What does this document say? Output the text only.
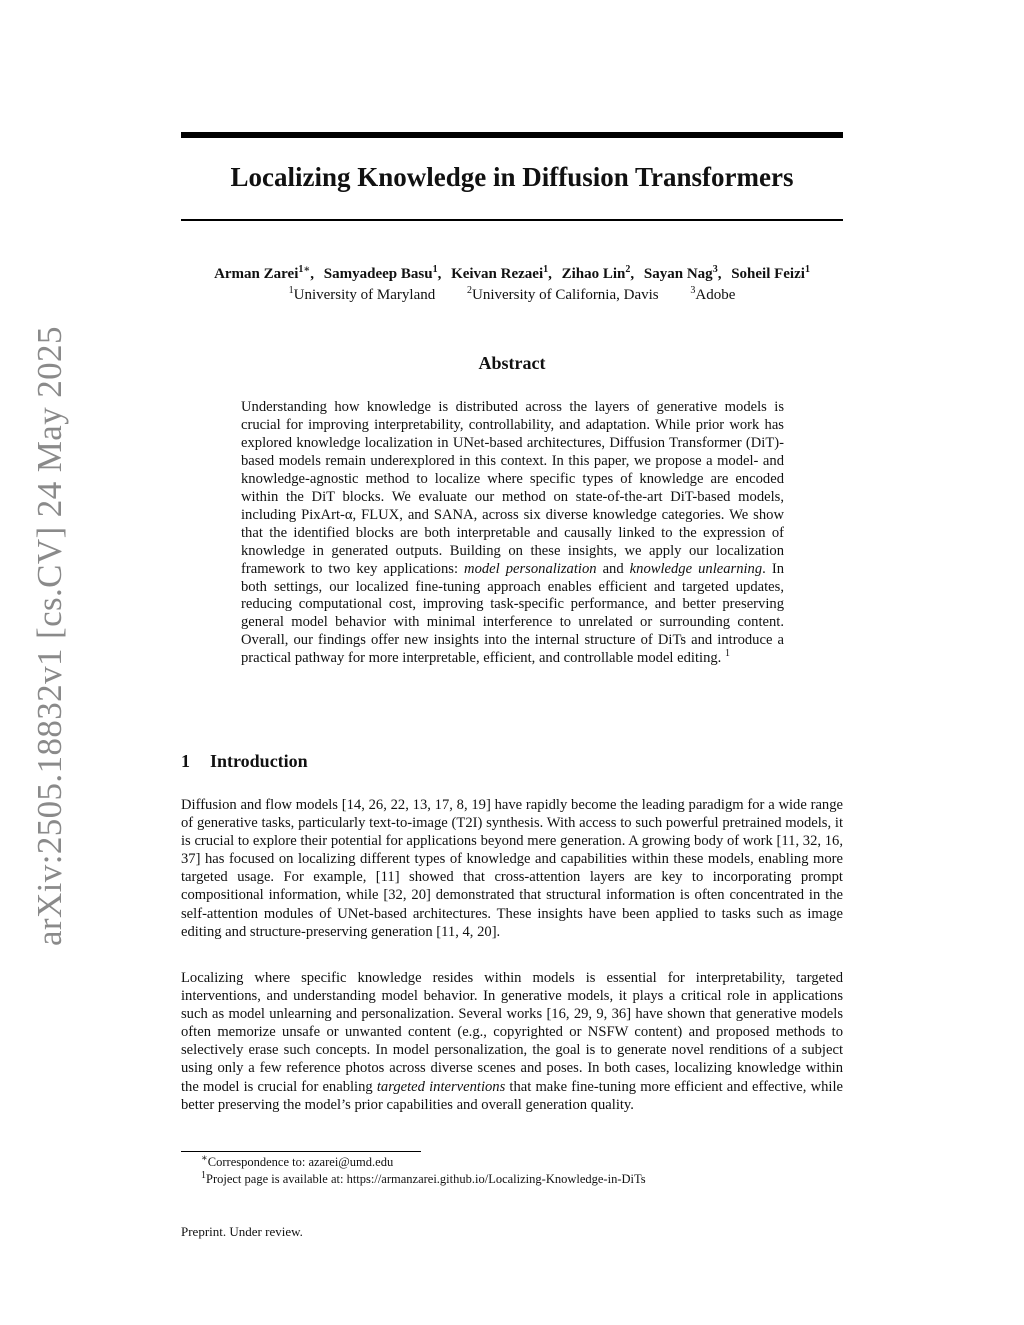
arXiv:2505.18832v1 [cs.CV] 24 May 2025
Localizing Knowledge in Diffusion Transformers
Arman Zarei$^{1∗}$, Samyadeep Basu$^1$, Keivan Rezaei$^1$, Zihao Lin$^2$, Sayan Nag$^3$, Soheil Feizi$^1$
$^1$University of Maryland	$^2$University of California, Davis	$^3$Adobe
Abstract

Understanding how knowledge is distributed across the layers of generative models is crucial for improving interpretability, controllability, and adaptation. While prior work has explored knowledge localization in UNet-based architectures, Diffusion Transformer (DiT)-based models remain underexplored in this context. In this paper, we propose a model- and knowledge-agnostic method to localize where specific types of knowledge are encoded within the DiT blocks. We evaluate our method on state-of-the-art DiT-based models, including PixArt-α, FLUX, and SANA, across six diverse knowledge categories. We show that the identified blocks are both interpretable and causally linked to the expression of knowledge in generated outputs. Building on these insights, we apply our localization framework to two key applications: model personalization and knowledge unlearning. In both settings, our localized fine-tuning approach enables efficient and targeted updates, reducing computational cost, improving task-specific performance, and better preserving general model behavior with minimal interference to unrelated or surrounding content. Overall, our findings offer new insights into the internal structure of DiTs and introduce a practical pathway for more interpretable, efficient, and controllable model editing. $^1$

1 Introduction

Diffusion and flow models [14, 26, 22, 13, 17, 8, 19] have rapidly become the leading paradigm for a wide range of generative tasks, particularly text-to-image (T2I) synthesis. With access to such powerful pretrained models, it is crucial to explore their potential for applications beyond mere generation. A growing body of work [11, 32, 16, 37] has focused on localizing different types of knowledge and capabilities within these models, enabling more targeted usage. For example, [11] showed that cross-attention layers are key to incorporating prompt compositional information, while [32, 20] demonstrated that structural information is often concentrated in the self-attention modules of UNet-based architectures. These insights have been applied to tasks such as image editing and structure-preserving generation [11, 4, 20].

Localizing where specific knowledge resides within models is essential for interpretability, targeted interventions, and understanding model behavior. In generative models, it plays a critical role in applications such as model unlearning and personalization. Several works [16, 29, 9, 36] have shown that generative models often memorize unsafe or unwanted content (e.g., copyrighted or NSFW content) and proposed methods to selectively erase such concepts. In model personalization, the goal is to generate novel renditions of a subject using only a few reference photos across diverse scenes and poses. In both cases, localizing knowledge within the model is crucial for enabling targeted interventions that make fine-tuning more efficient and effective, while better preserving the model’s prior capabilities and overall generation quality.

∗Correspondence to: azarei@umd.edu
$^1$Project page is available at: https://armanzarei.github.io/Localizing-Knowledge-in-DiTs
Preprint. Under review.
